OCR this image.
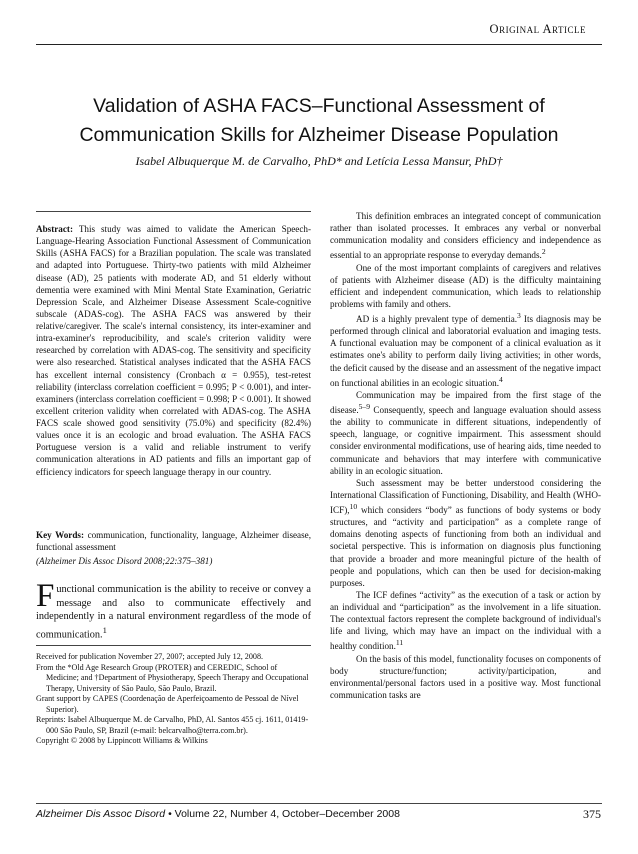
Original Article
Validation of ASHA FACS–Functional Assessment of
Communication Skills for Alzheimer Disease Population
Isabel Albuquerque M. de Carvalho, PhD* and Letícia Lessa Mansur, PhD†

Abstract: This study was aimed to validate the American Speech-Language-Hearing Association Functional Assessment of Communication Skills (ASHA FACS) for a Brazilian population. The scale was translated and adapted into Portuguese. Thirty-two patients with mild Alzheimer disease (AD), 25 patients with moderate AD, and 51 elderly without dementia were examined with Mini Mental State Examination, Geriatric Depression Scale, and Alzheimer Disease Assessment Scale-cognitive subscale (ADAS-cog). The ASHA FACS was answered by their relative/caregiver. The scale's internal consistency, its inter-examiner and intra-examiner's reproducibility, and scale's criterion validity were researched by correlation with ADAS-cog. The sensitivity and specificity were also researched. Statistical analyses indicated that the ASHA FACS has excellent internal consistency (Cronbach α = 0.955), test-retest reliability (interclass correlation coefficient = 0.995; P < 0.001), and inter-examiners (interclass correlation coefficient = 0.998; P < 0.001). It showed excellent criterion validity when correlated with ADAS-cog. The ASHA FACS scale showed good sensitivity (75.0%) and specificity (82.4%) values once it is an ecologic and broad evaluation. The ASHA FACS Portuguese version is a valid and reliable instrument to verify communication alterations in AD patients and fills an important gap of efficiency indicators for speech language therapy in our country.

Key Words: communication, functionality, language, Alzheimer disease, functional assessment

(Alzheimer Dis Assoc Disord 2008;22:375–381)
Functional communication is the ability to receive or convey a message and also to communicate effectively and independently in a natural environment regardless of the mode of communication.$^1$

Received for publication November 27, 2007; accepted July 12, 2008.

From the *Old Age Research Group (PROTER) and CEREDIC, School of Medicine; and †Department of Physiotherapy, Speech Therapy and Occupational Therapy, University of São Paulo, São Paulo, Brazil.

Grant support by CAPES (Coordenação de Aperfeiçoamento de Pessoal de Nível Superior).

Reprints: Isabel Albuquerque M. de Carvalho, PhD, Al. Santos 455 cj. 1611, 01419-000 São Paulo, SP, Brazil (e-mail: belcarvalho@terra.com.br).

Copyright © 2008 by Lippincott Williams & Wilkins

This definition embraces an integrated concept of communication rather than isolated processes. It embraces any verbal or nonverbal communication modality and considers efficiency and independence as essential to an appropriate response to everyday demands.$^2$

One of the most important complaints of caregivers and relatives of patients with Alzheimer disease (AD) is the difficulty maintaining efficient and independent communication, which leads to relationship problems with family and others.

AD is a highly prevalent type of dementia.$^3$ Its diagnosis may be performed through clinical and laboratorial evaluation and imaging tests. A functional evaluation may be component of a clinical evaluation as it estimates one's ability to perform daily living activities; in other words, the deficit caused by the disease and an assessment of the negative impact on functional abilities in an ecologic situation.$^4$

Communication may be impaired from the first stage of the disease.$^{5-9}$ Consequently, speech and language evaluation should assess the ability to communicate in different situations, independently of speech, language, or cognitive impairment. This assessment should consider environmental modifications, use of hearing aids, time needed to communicate and behaviors that may interfere with communicative ability in an ecologic situation.

Such assessment may be better understood considering the International Classification of Functioning, Disability, and Health (WHO-ICF),$^{10}$ which considers “body” as functions of body systems or body structures, and “activity and participation” as a complete range of domains denoting aspects of functioning from both an individual and societal perspective. This is information on diagnosis plus functioning that provide a broader and more meaningful picture of the health of people and populations, which can then be used for decision-making purposes.

The ICF defines “activity” as the execution of a task or action by an individual and “participation” as the involvement in a life situation. The contextual factors represent the complete background of individual's life and living, which may have an impact on the individual with a healthy condition.$^{11}$

On the basis of this model, functionality focuses on components of body structure/function; activity/participation, and environmental/personal factors used in a positive way. Most functional communication tasks are

Alzheimer Dis Assoc Disord • Volume 22, Number 4, October–December 2008	375
